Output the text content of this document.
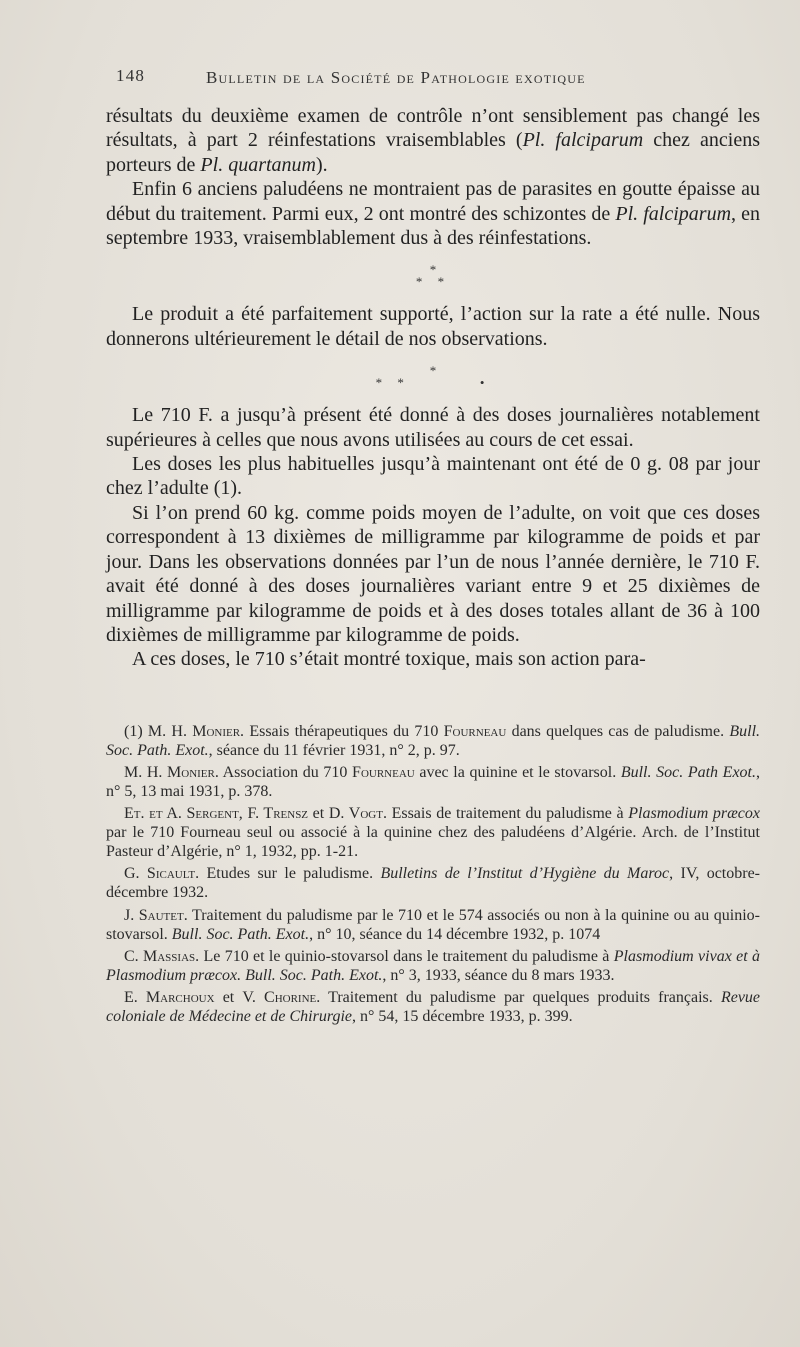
148	Bulletin de la Société de Pathologie exotique

résultats du deuxième examen de contrôle n’ont sensiblement pas changé les résultats, à part 2 réinfestations vraisemblables (Pl. falciparum chez anciens porteurs de Pl. quartanum).

Enfin 6 anciens paludéens ne montraient pas de parasites en goutte épaisse au début du traitement. Parmi eux, 2 ont montré des schizontes de Pl. falciparum, en septembre 1933, vraisemblablement dus à des réinfestations.

*
* *

Le produit a été parfaitement supporté, l’action sur la rate a été nulle. Nous donnerons ultérieurement le détail de nos observations.

*
* *	•

Le 710 F. a jusqu’à présent été donné à des doses journalières notablement supérieures à celles que nous avons utilisées au cours de cet essai.

Les doses les plus habituelles jusqu’à maintenant ont été de 0 g. 08 par jour chez l’adulte (1).

Si l’on prend 60 kg. comme poids moyen de l’adulte, on voit que ces doses correspondent à 13 dixièmes de milligramme par kilogramme de poids et par jour. Dans les observations données par l’un de nous l’année dernière, le 710 F. avait été donné à des doses journalières variant entre 9 et 25 dixièmes de milligramme par kilogramme de poids et à des doses totales allant de 36 à 100 dixièmes de milligramme par kilogramme de poids.

A ces doses, le 710 s’était montré toxique, mais son action para-

(1) M. H. Monier. Essais thérapeutiques du 710 Fourneau dans quelques cas de paludisme. Bull. Soc. Path. Exot., séance du 11 février 1931, n° 2, p. 97.

M. H. Monier. Association du 710 Fourneau avec la quinine et le stovarsol. Bull. Soc. Path Exot., n° 5, 13 mai 1931, p. 378.

Et. et A. Sergent, F. Trensz et D. Vogt. Essais de traitement du paludisme à Plasmodium præcox par le 710 Fourneau seul ou associé à la quinine chez des paludéens d’Algérie. Arch. de l’Institut Pasteur d’Algérie, n° 1, 1932, pp. 1-21.

G. Sicault. Etudes sur le paludisme. Bulletins de l’Institut d’Hygiène du Maroc, IV, octobre-décembre 1932.

J. Sautet. Traitement du paludisme par le 710 et le 574 associés ou non à la quinine ou au quinio-stovarsol. Bull. Soc. Path. Exot., n° 10, séance du 14 décembre 1932, p. 1074

C. Massias. Le 710 et le quinio-stovarsol dans le traitement du paludisme à Plasmodium vivax et à Plasmodium præcox. Bull. Soc. Path. Exot., n° 3, 1933, séance du 8 mars 1933.

E. Marchoux et V. Chorine. Traitement du paludisme par quelques produits français. Revue coloniale de Médecine et de Chirurgie, n° 54, 15 décembre 1933, p. 399.
